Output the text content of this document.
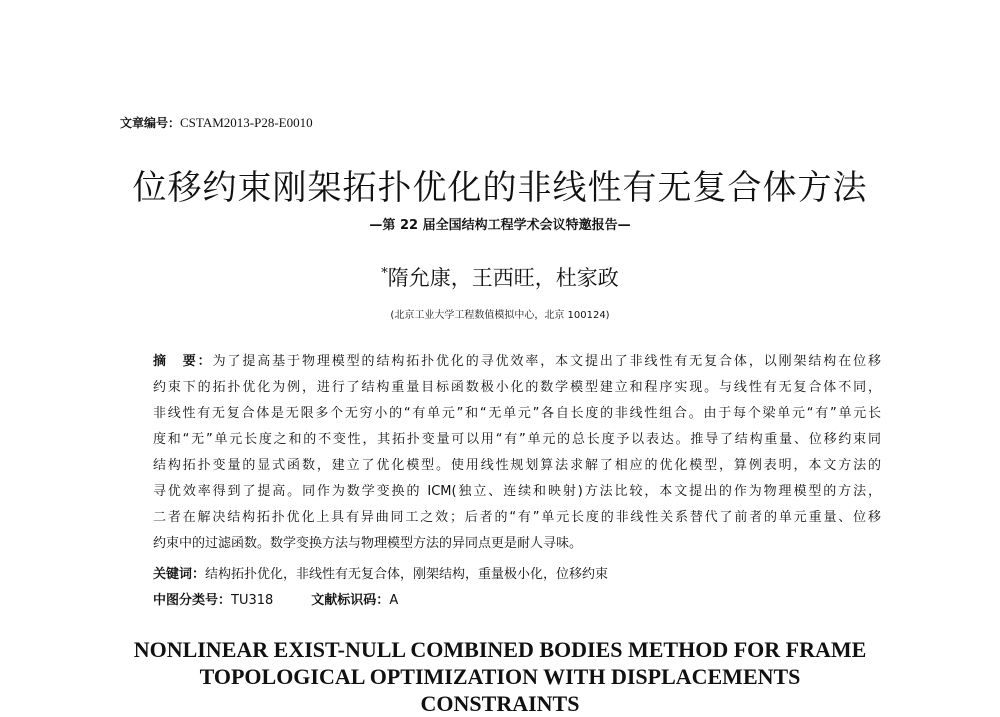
文章编号：CSTAM2013-P28-E0010
位移约束刚架拓扑优化的非线性有无复合体方法
—第 22 届全国结构工程学术会议特邀报告—
*隋允康，王西旺，杜家政
(北京工业大学工程数值模拟中心，北京 100124)
摘　要：为了提高基于物理模型的结构拓扑优化的寻优效率，本文提出了非线性有无复合体，以刚架结构在位移
约束下的拓扑优化为例，进行了结构重量目标函数极小化的数学模型建立和程序实现。与线性有无复合体不同，
非线性有无复合体是无限多个无穷小的“有单元”和“无单元”各自长度的非线性组合。由于每个梁单元“有”单元长
度和“无”单元长度之和的不变性，其拓扑变量可以用“有”单元的总长度予以表达。推导了结构重量、位移约束同
结构拓扑变量的显式函数，建立了优化模型。使用线性规划算法求解了相应的优化模型，算例表明，本文方法的
寻优效率得到了提高。同作为数学变换的 ICM(独立、连续和映射)方法比较，本文提出的作为物理模型的方法，
二者在解决结构拓扑优化上具有异曲同工之效；后者的“有”单元长度的非线性关系替代了前者的单元重量、位移
约束中的过滤函数。数学变换方法与物理模型方法的异同点更是耐人寻味。
关键词：结构拓扑优化，非线性有无复合体，刚架结构，重量极小化，位移约束
中图分类号：TU318	文献标识码：A
NONLINEAR EXIST-NULL COMBINED BODIES METHOD FOR FRAME
TOPOLOGICAL OPTIMIZATION WITH DISPLACEMENTS
CONSTRAINTS
